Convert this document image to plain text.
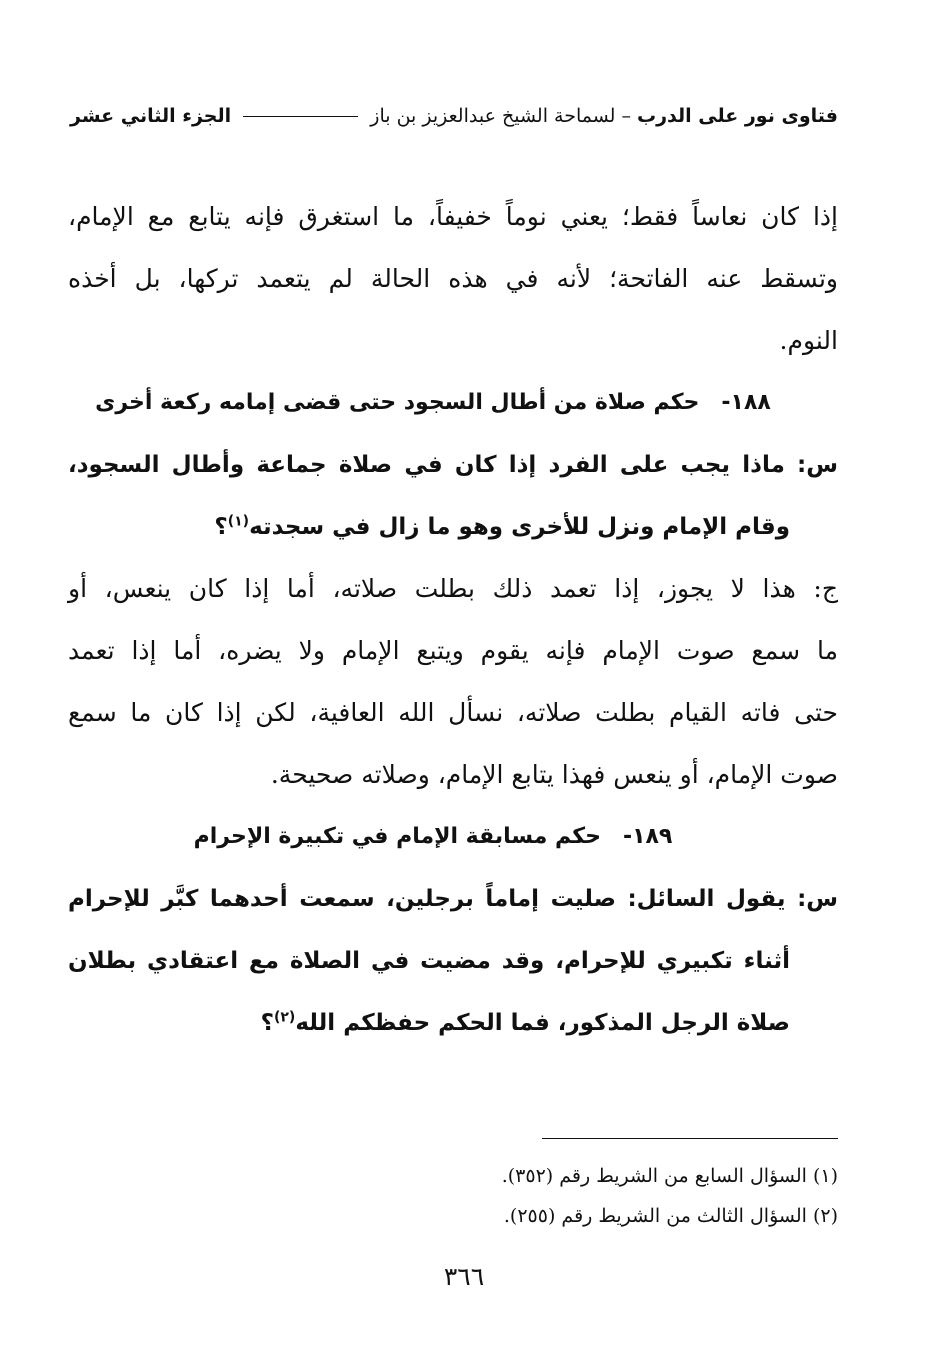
فتاوى نور على الدرب
– لسماحة الشيخ عبدالعزيز بن باز
الجزء الثاني عشر
إذا كان نعاساً فقط؛ يعني نوماً خفيفاً، ما استغرق فإنه يتابع مع الإمام،
وتسقط عنه الفاتحة؛ لأنه في هذه الحالة لم يتعمد تركها، بل أخذه
النوم.
١٨٨-حكم صلاة من أطال السجود حتى قضى إمامه ركعة أخرى
س: ماذا يجب على الفرد إذا كان في صلاة جماعة وأطال السجود،
وقام الإمام ونزل للأخرى وهو ما زال في سجدته$^{(١)}$؟
ج: هذا لا يجوز، إذا تعمد ذلك بطلت صلاته، أما إذا كان ينعس، أو
ما سمع صوت الإمام فإنه يقوم ويتبع الإمام ولا يضره، أما إذا تعمد
حتى فاته القيام بطلت صلاته، نسأل الله العافية، لكن إذا كان ما سمع
صوت الإمام، أو ينعس فهذا يتابع الإمام، وصلاته صحيحة.
١٨٩-حكم مسابقة الإمام في تكبيرة الإحرام
س: يقول السائل: صليت إماماً برجلين، سمعت أحدهما كبَّر للإحرام
أثناء تكبيري للإحرام، وقد مضيت في الصلاة مع اعتقادي بطلان
صلاة الرجل المذكور، فما الحكم حفظكم الله$^{(٢)}$؟
(١) السؤال السابع من الشريط رقم (٣٥٢).
(٢) السؤال الثالث من الشريط رقم (٢٥٥).
٣٦٦
